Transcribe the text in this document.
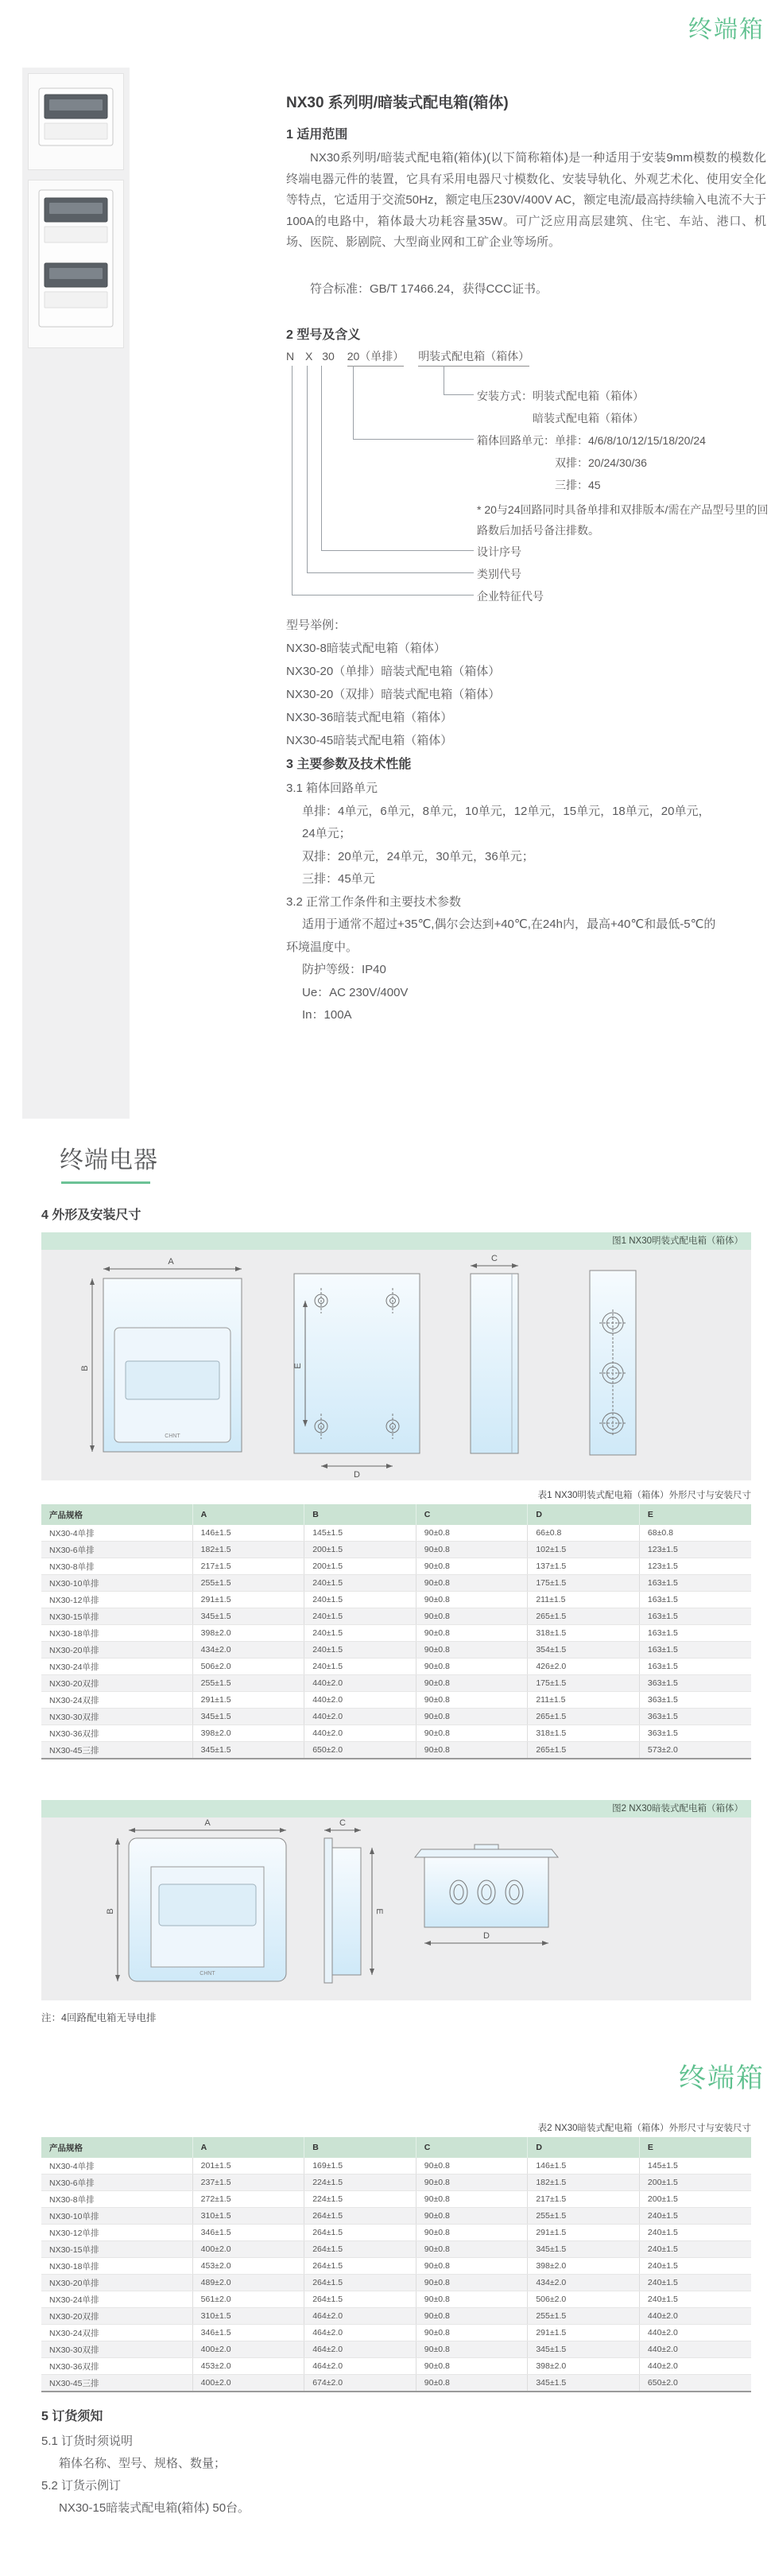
终端箱
NX30 系列明/暗装式配电箱(箱体)
1 适用范围
NX30系列明/暗装式配电箱(箱体)(以下简称箱体)是一种适用于安装9mm模数的模数化终端电器元件的装置，它具有采用电器尺寸模数化、安装导轨化、外观艺术化、使用安全化等特点，它适用于交流50Hz，额定电压230V/400V AC，额定电流/最高持续输入电流不大于100A的电路中，箱体最大功耗容量35W。可广泛应用高层建筑、住宅、车站、港口、机场、医院、影剧院、大型商业网和工矿企业等场所。
符合标准：GB/T 17466.24，获得CCC证书。
2 型号及含义
N X 30 20（单排） 明装式配电箱（箱体）
安装方式：明装式配电箱（箱体）
暗装式配电箱（箱体）
箱体回路单元：单排：4/6/8/10/12/15/18/20/24
双排：20/24/30/36
三排：45
* 20与24回路同时具备单排和双排版本/需在产品型号里的回路数后加括号备注排数。
设计序号
类别代号
企业特征代号
型号举例：
NX30-8暗装式配电箱（箱体）
NX30-20（单排）暗装式配电箱（箱体）
NX30-20（双排）暗装式配电箱（箱体）
NX30-36暗装式配电箱（箱体）
NX30-45暗装式配电箱（箱体）
3 主要参数及技术性能
3.1 箱体回路单元
单排：4单元，6单元，8单元，10单元，12单元，15单元，18单元，20单元，
24单元；
双排：20单元，24单元，30单元，36单元；
三排：45单元
3.2 正常工作条件和主要技术参数
适用于通常不超过+35℃,偶尔会达到+40℃,在24h内，最高+40℃和最低-5℃的
环境温度中。
防护等级：IP40
Ue：AC 230V/400V
In：100A
终端电器
4 外形及安装尺寸
图1 NX30明装式配电箱（箱体）
A
B
CHNT
E
D
C
表1 NX30明装式配电箱（箱体）外形尺寸与安装尺寸
产品规格	A	B	C	D	E
NX30-4单排	146±1.5	145±1.5	90±0.8	66±0.8	68±0.8
NX30-6单排	182±1.5	200±1.5	90±0.8	102±1.5	123±1.5
NX30-8单排	217±1.5	200±1.5	90±0.8	137±1.5	123±1.5
NX30-10单排	255±1.5	240±1.5	90±0.8	175±1.5	163±1.5
NX30-12单排	291±1.5	240±1.5	90±0.8	211±1.5	163±1.5
NX30-15单排	345±1.5	240±1.5	90±0.8	265±1.5	163±1.5
NX30-18单排	398±2.0	240±1.5	90±0.8	318±1.5	163±1.5
NX30-20单排	434±2.0	240±1.5	90±0.8	354±1.5	163±1.5
NX30-24单排	506±2.0	240±1.5	90±0.8	426±2.0	163±1.5
NX30-20双排	255±1.5	440±2.0	90±0.8	175±1.5	363±1.5
NX30-24双排	291±1.5	440±2.0	90±0.8	211±1.5	363±1.5
NX30-30双排	345±1.5	440±2.0	90±0.8	265±1.5	363±1.5
NX30-36双排	398±2.0	440±2.0	90±0.8	318±1.5	363±1.5
NX30-45三排	345±1.5	650±2.0	90±0.8	265±1.5	573±2.0
图2 NX30暗装式配电箱（箱体）
A
B
CHNT
C
E
D
注：4回路配电箱无导电排
终端箱
表2 NX30暗装式配电箱（箱体）外形尺寸与安装尺寸
产品规格	A	B	C	D	E
NX30-4单排	201±1.5	169±1.5	90±0.8	146±1.5	145±1.5
NX30-6单排	237±1.5	224±1.5	90±0.8	182±1.5	200±1.5
NX30-8单排	272±1.5	224±1.5	90±0.8	217±1.5	200±1.5
NX30-10单排	310±1.5	264±1.5	90±0.8	255±1.5	240±1.5
NX30-12单排	346±1.5	264±1.5	90±0.8	291±1.5	240±1.5
NX30-15单排	400±2.0	264±1.5	90±0.8	345±1.5	240±1.5
NX30-18单排	453±2.0	264±1.5	90±0.8	398±2.0	240±1.5
NX30-20单排	489±2.0	264±1.5	90±0.8	434±2.0	240±1.5
NX30-24单排	561±2.0	264±1.5	90±0.8	506±2.0	240±1.5
NX30-20双排	310±1.5	464±2.0	90±0.8	255±1.5	440±2.0
NX30-24双排	346±1.5	464±2.0	90±0.8	291±1.5	440±2.0
NX30-30双排	400±2.0	464±2.0	90±0.8	345±1.5	440±2.0
NX30-36双排	453±2.0	464±2.0	90±0.8	398±2.0	440±2.0
NX30-45三排	400±2.0	674±2.0	90±0.8	345±1.5	650±2.0
5 订货须知
5.1 订货时须说明
箱体名称、型号、规格、数量；
5.2 订货示例订
NX30-15暗装式配电箱(箱体) 50台。
